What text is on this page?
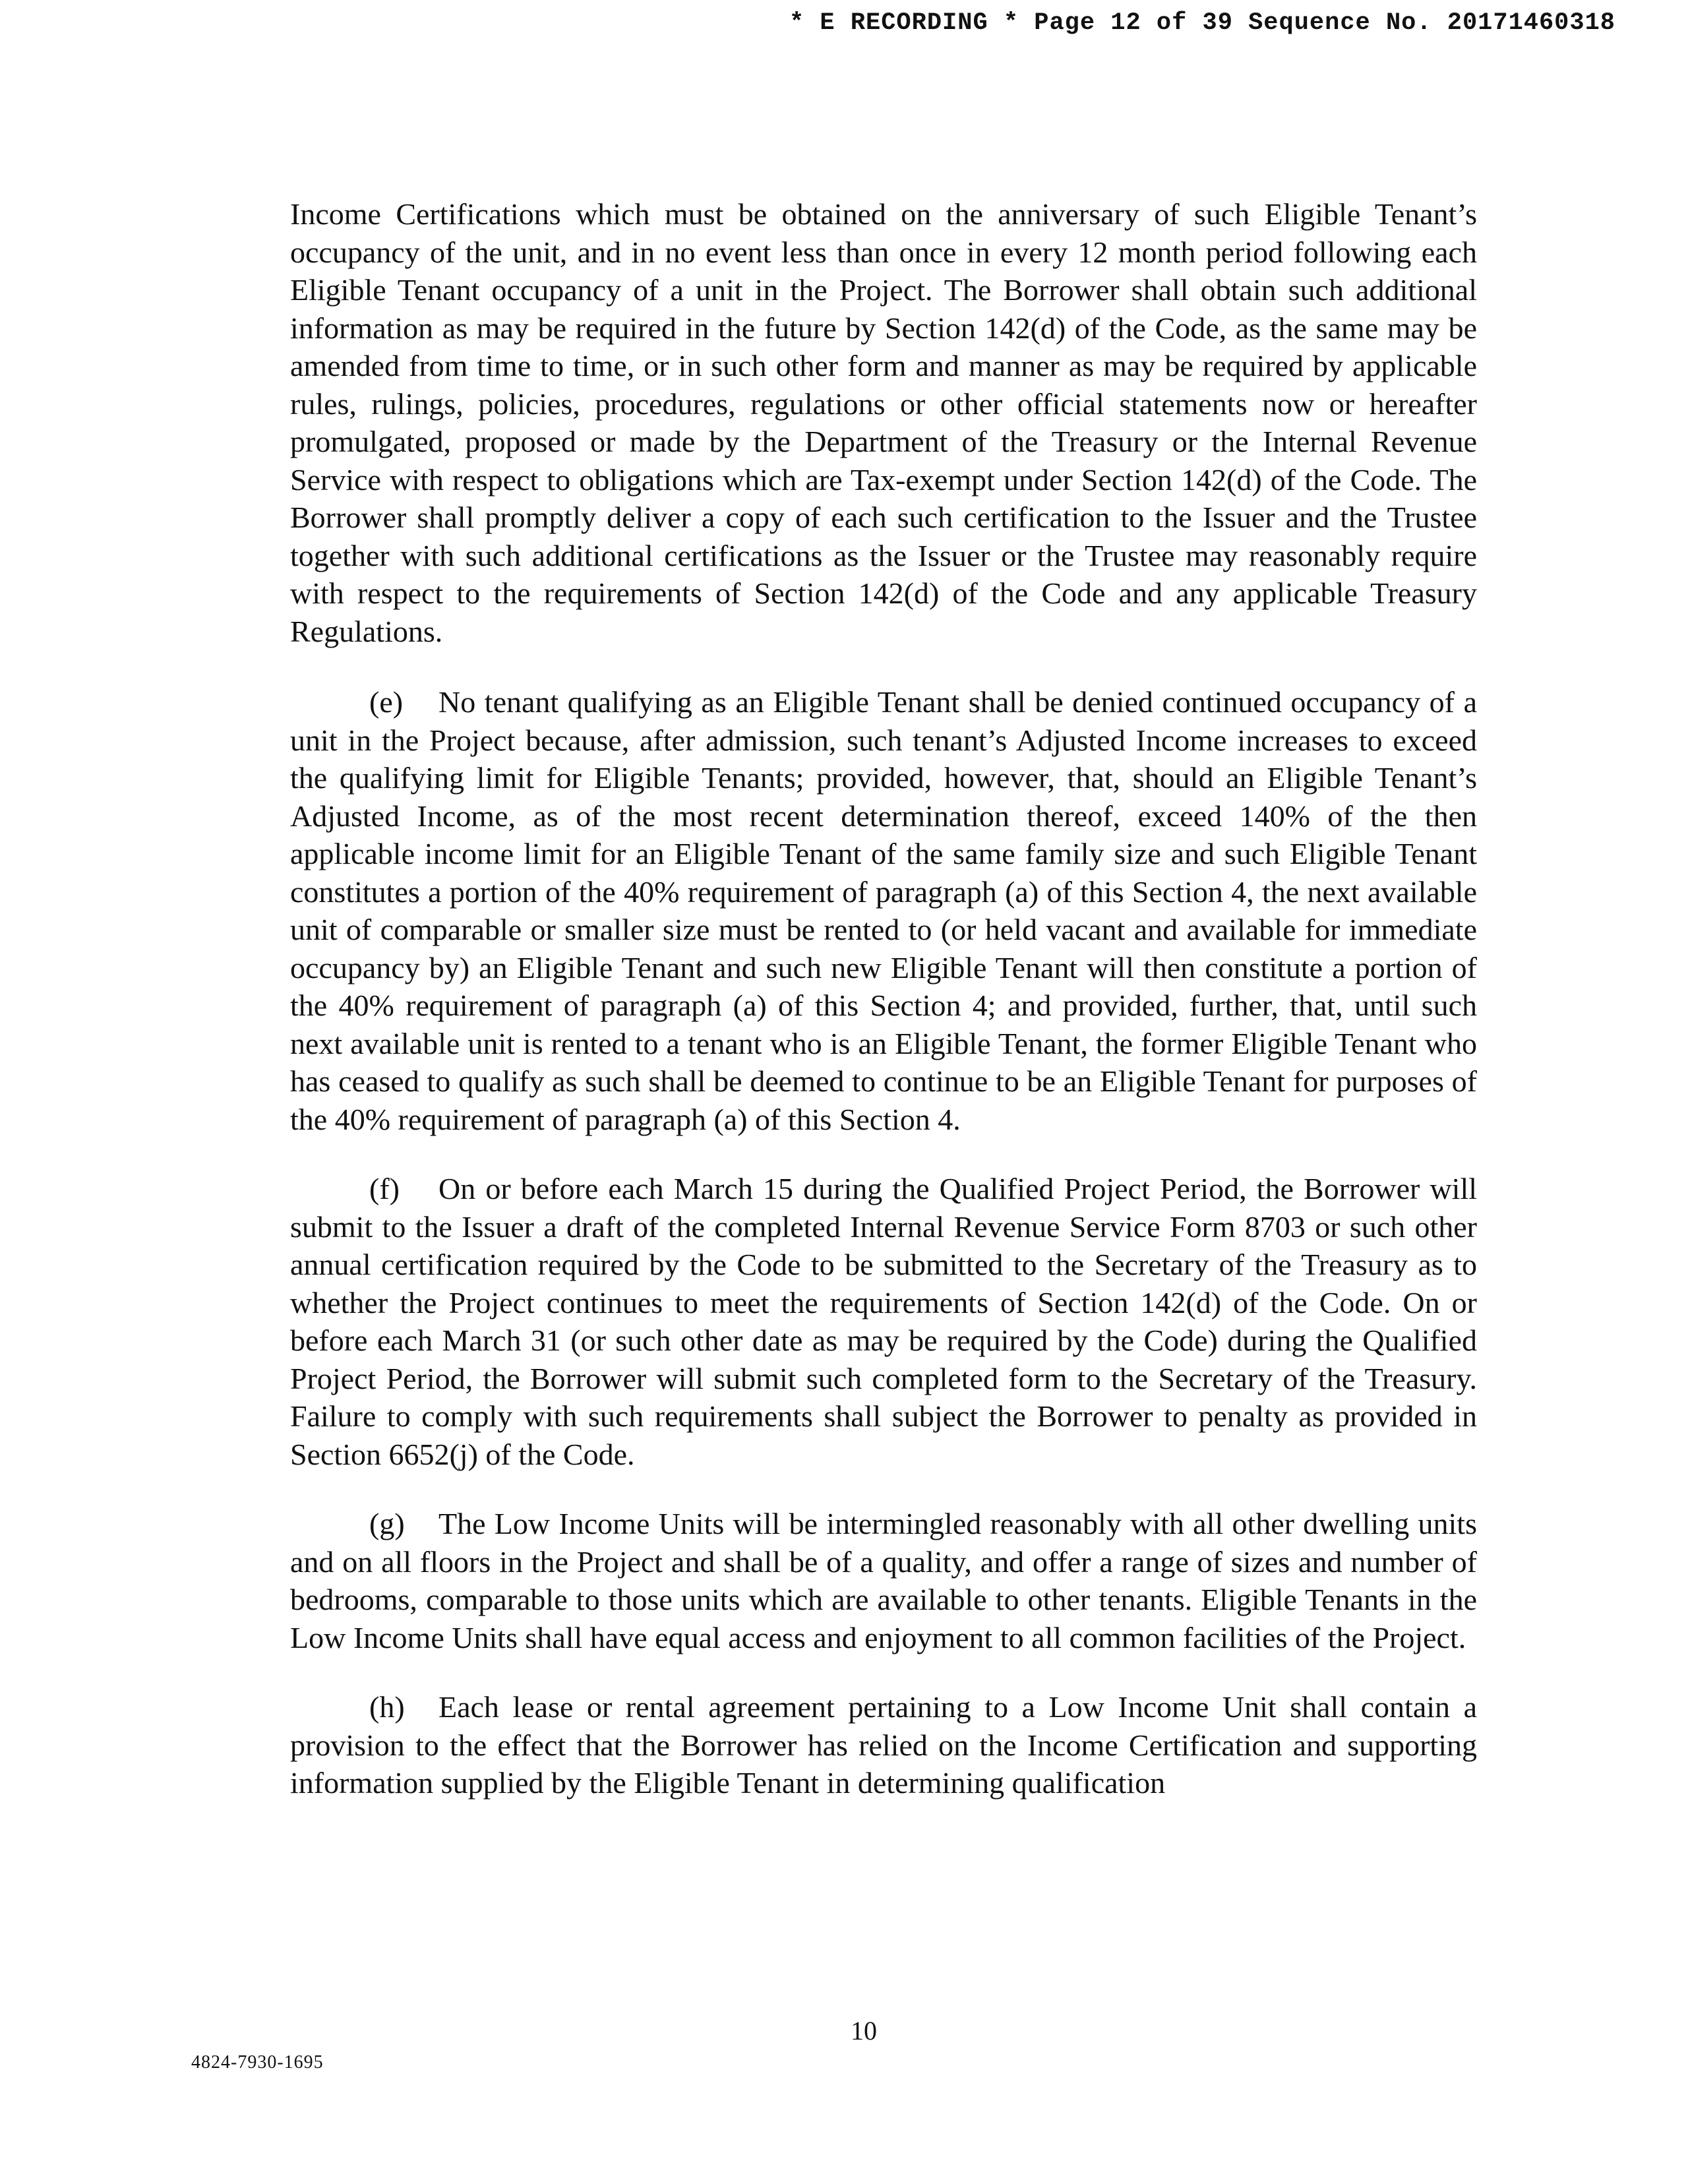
* E RECORDING * Page 12 of 39 Sequence No. 20171460318

Income Certifications which must be obtained on the anniversary of such Eligible Tenant’s occupancy of the unit, and in no event less than once in every 12 month period following each Eligible Tenant occupancy of a unit in the Project. The Borrower shall obtain such additional information as may be required in the future by Section 142(d) of the Code, as the same may be amended from time to time, or in such other form and manner as may be required by applicable rules, rulings, policies, procedures, regulations or other official statements now or hereafter promulgated, proposed or made by the Department of the Treasury or the Internal Revenue Service with respect to obligations which are Tax-exempt under Section 142(d) of the Code. The Borrower shall promptly deliver a copy of each such certification to the Issuer and the Trustee together with such additional certifications as the Issuer or the Trustee may reasonably require with respect to the requirements of Section 142(d) of the Code and any applicable Treasury Regulations.

(e) No tenant qualifying as an Eligible Tenant shall be denied continued occupancy of a unit in the Project because, after admission, such tenant’s Adjusted Income increases to exceed the qualifying limit for Eligible Tenants; provided, however, that, should an Eligible Tenant’s Adjusted Income, as of the most recent determination thereof, exceed 140% of the then applicable income limit for an Eligible Tenant of the same family size and such Eligible Tenant constitutes a portion of the 40% requirement of paragraph (a) of this Section 4, the next available unit of comparable or smaller size must be rented to (or held vacant and available for immediate occupancy by) an Eligible Tenant and such new Eligible Tenant will then constitute a portion of the 40% requirement of paragraph (a) of this Section 4; and provided, further, that, until such next available unit is rented to a tenant who is an Eligible Tenant, the former Eligible Tenant who has ceased to qualify as such shall be deemed to continue to be an Eligible Tenant for purposes of the 40% requirement of paragraph (a) of this Section 4.

(f) On or before each March 15 during the Qualified Project Period, the Borrower will submit to the Issuer a draft of the completed Internal Revenue Service Form 8703 or such other annual certification required by the Code to be submitted to the Secretary of the Treasury as to whether the Project continues to meet the requirements of Section 142(d) of the Code. On or before each March 31 (or such other date as may be required by the Code) during the Qualified Project Period, the Borrower will submit such completed form to the Secretary of the Treasury. Failure to comply with such requirements shall subject the Borrower to penalty as provided in Section 6652(j) of the Code.

(g) The Low Income Units will be intermingled reasonably with all other dwelling units and on all floors in the Project and shall be of a quality, and offer a range of sizes and number of bedrooms, comparable to those units which are available to other tenants. Eligible Tenants in the Low Income Units shall have equal access and enjoyment to all common facilities of the Project.

(h) Each lease or rental agreement pertaining to a Low Income Unit shall contain a provision to the effect that the Borrower has relied on the Income Certification and supporting information supplied by the Eligible Tenant in determining qualification

10
4824-7930-1695
